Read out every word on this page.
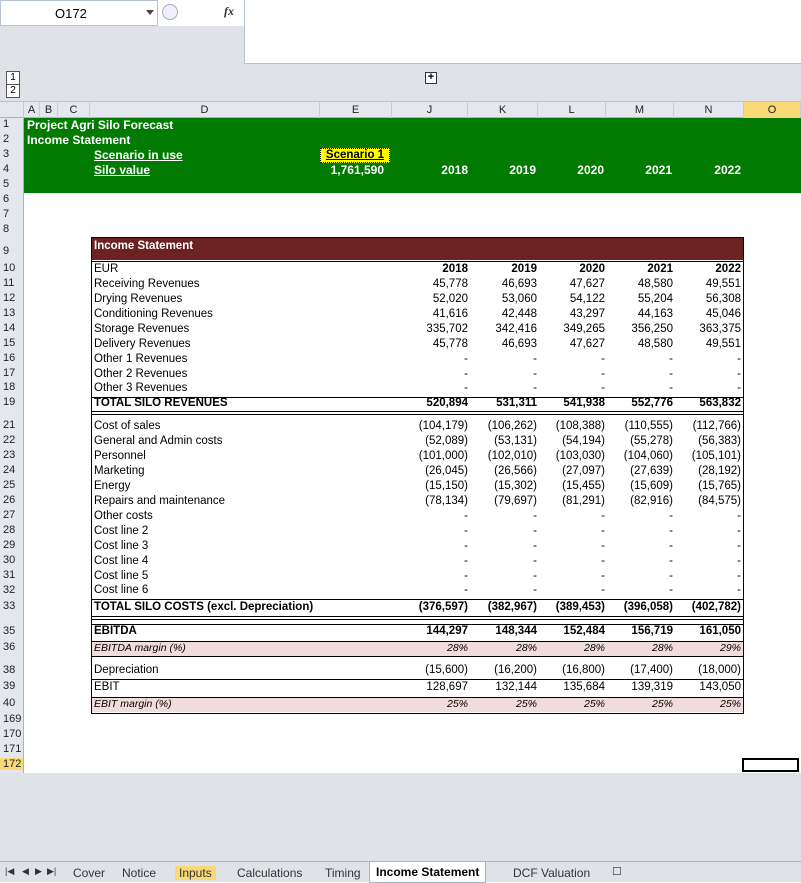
O172	fx
1
2
+
A B	C	D	E	J	K	L	M	N	O
1
2
3
4
5
6
7
8
9
10
11
12
13
14
15
16
17
18
19
21
22
23
24
25
26
27
28
29
30
31
32
33
35
36
38
39
40
169
170
171
172
Project Agri Silo Forecast
Income Statement
Scenario in use	Scenario 1
Silo value	1,761,590	2018	2019	2020	2021	2022
Income Statement
EUR	2018	2019	2020	2021	2022
Receiving Revenues	45,778	46,693	47,627	48,580	49,551
Drying Revenues	52,020	53,060	54,122	55,204	56,308
Conditioning Revenues	41,616	42,448	43,297	44,163	45,046
Storage Revenues	335,702	342,416	349,265	356,250	363,375
Delivery Revenues	45,778	46,693	47,627	48,580	49,551
Other 1 Revenues	-	-	-	-	-
Other 2 Revenues	-	-	-	-	-
Other 3 Revenues	-	-	-	-	-
TOTAL SILO REVENUES	520,894	531,311	541,938	552,776	563,832
Cost of sales	(104,179)	(106,262)	(108,388)	(110,555)	(112,766)
General and Admin costs	(52,089)	(53,131)	(54,194)	(55,278)	(56,383)
Personnel	(101,000)	(102,010)	(103,030)	(104,060)	(105,101)
Marketing	(26,045)	(26,566)	(27,097)	(27,639)	(28,192)
Energy	(15,150)	(15,302)	(15,455)	(15,609)	(15,765)
Repairs and maintenance	(78,134)	(79,697)	(81,291)	(82,916)	(84,575)
Other costs	-	-	-	-	-
Cost line 2	-	-	-	-	-
Cost line 3	-	-	-	-	-
Cost line 4	-	-	-	-	-
Cost line 5	-	-	-	-	-
Cost line 6	-	-	-	-	-
TOTAL SILO COSTS (excl. Depreciation)	(376,597)	(382,967)	(389,453)	(396,058)	(402,782)
EBITDA	144,297	148,344	152,484	156,719	161,050
EBITDA margin (%)	28%	28%	28%	28%	29%
Depreciation	(15,600)	(16,200)	(16,800)	(17,400)	(18,000)
EBIT	128,697	132,144	135,684	139,319	143,050
EBIT margin (%)	25%	25%	25%	25%	25%
|◀ ◀ ▶ ▶| Cover Notice	Inputs	Calculations Timing	Income Statement	DCF Valuation ☐
